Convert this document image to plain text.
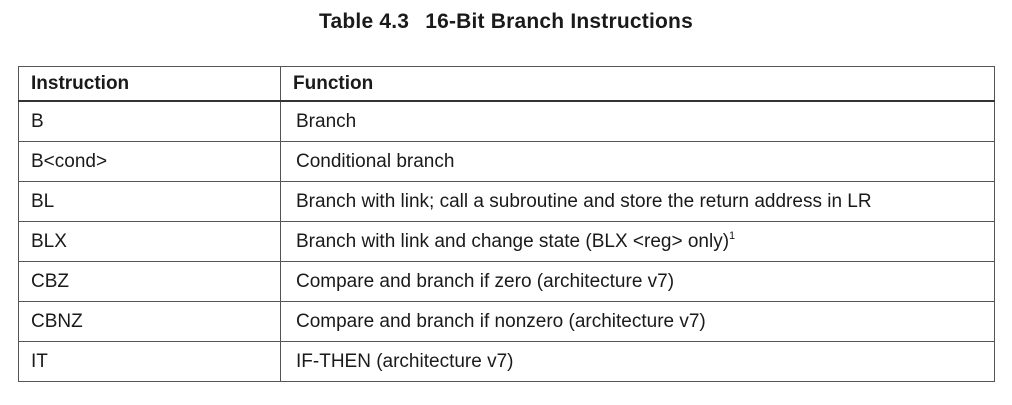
Table 4.3 16-Bit Branch Instructions
Instruction	Function
B	Branch
B<cond>	Conditional branch
BL	Branch with link; call a subroutine and store the return address in LR
BLX	Branch with link and change state (BLX <reg> only)$^1$
CBZ	Compare and branch if zero (architecture v7)
CBNZ	Compare and branch if nonzero (architecture v7)
IT	IF-THEN (architecture v7)
